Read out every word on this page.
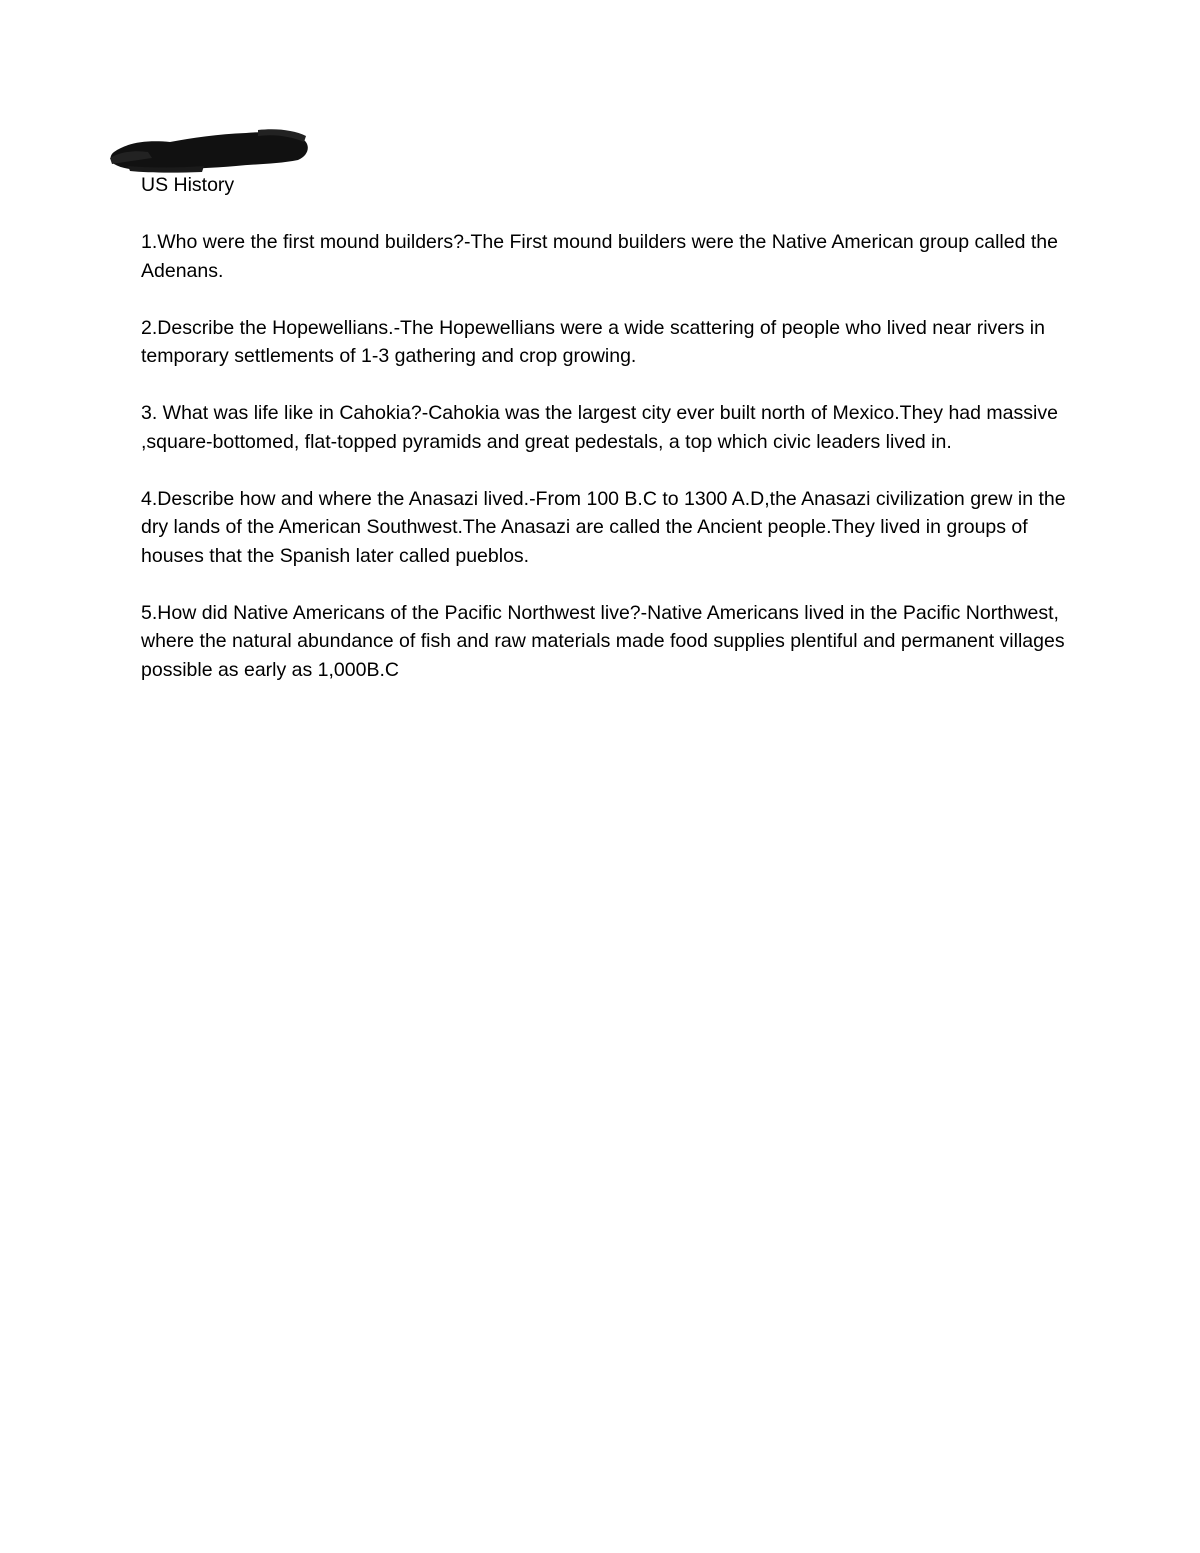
US History

1.Who were the first mound builders?-The First mound builders were the Native American group called the Adenans.

2.Describe the Hopewellians.-The Hopewellians were a wide scattering of people who lived near rivers in temporary settlements of 1-3 gathering and crop growing.

3. What was life like in Cahokia?-Cahokia was the largest city ever built north of Mexico.They had massive ,square-bottomed, flat-topped pyramids and great pedestals, a top which civic leaders lived in.

4.Describe how and where the Anasazi lived.-From 100 B.C to 1300 A.D,the Anasazi civilization grew in the dry lands of the American Southwest.The Anasazi are called the Ancient people.They lived in groups of houses that the Spanish later called pueblos.

5.How did Native Americans of the Pacific Northwest live?-Native Americans lived in the Pacific Northwest, where the natural abundance of fish and raw materials made food supplies plentiful and permanent villages possible as early as 1,000B.C
